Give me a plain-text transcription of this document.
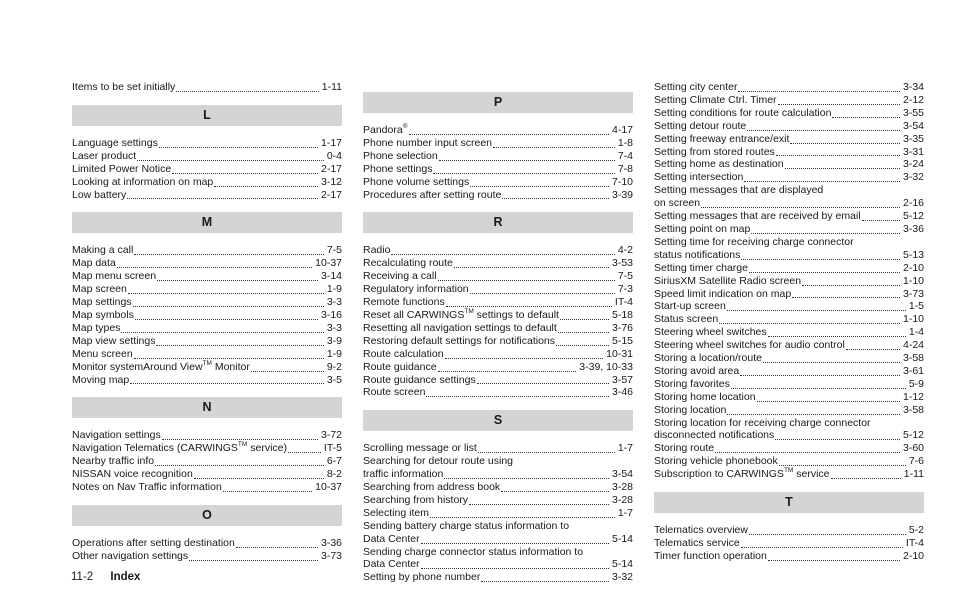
Items to be set initially	1-11
L
Language settings	1-17
Laser product	0-4
Limited Power Notice	2-17
Looking at information on map	3-12
Low battery	2-17
M
Making a call	7-5
Map data	10-37
Map menu screen	3-14
Map screen	1-9
Map settings	3-3
Map symbols	3-16
Map types	3-3
Map view settings	3-9
Menu screen	1-9
Monitor systemAround View™ Monitor	9-2
Moving map	3-5
N
Navigation settings	3-72
Navigation Telematics (CARWINGS™ service)	IT-5
Nearby traffic info	6-7
NISSAN voice recognition	8-2
Notes on Nav Traffic information	10-37
O
Operations after setting destination	3-36
Other navigation settings	3-73
P
Pandora®	4-17
Phone number input screen	1-8
Phone selection	7-4
Phone settings	7-8
Phone volume settings	7-10
Procedures after setting route	3-39
R
Radio	4-2
Recalculating route	3-53
Receiving a call	7-5
Regulatory information	7-3
Remote functions	IT-4
Reset all CARWINGS™ settings to default	5-18
Resetting all navigation settings to default	3-76
Restoring default settings for notifications	5-15
Route calculation	10-31
Route guidance	3-39, 10-33
Route guidance settings	3-57
Route screen	3-46
S
Scrolling message or list	1-7
Searching for detour route using
traffic information	3-54
Searching from address book	3-28
Searching from history	3-28
Selecting item	1-7
Sending battery charge status information to
Data Center	5-14
Sending charge connector status information to
Data Center	5-14
Setting by phone number	3-32
Setting city center	3-34
Setting Climate Ctrl. Timer	2-12
Setting conditions for route calculation	3-55
Setting detour route	3-54
Setting freeway entrance/exit	3-35
Setting from stored routes	3-31
Setting home as destination	3-24
Setting intersection	3-32
Setting messages that are displayed
on screen	2-16
Setting messages that are received by email	5-12
Setting point on map	3-36
Setting time for receiving charge connector
status notifications	5-13
Setting timer charge	2-10
SiriusXM Satellite Radio screen	1-10
Speed limit indication on map	3-73
Start-up screen	1-5
Status screen	1-10
Steering wheel switches	1-4
Steering wheel switches for audio control	4-24
Storing a location/route	3-58
Storing avoid area	3-61
Storing favorites	5-9
Storing home location	1-12
Storing location	3-58
Storing location for receiving charge connector
disconnected notifications	5-12
Storing route	3-60
Storing vehicle phonebook	7-6
Subscription to CARWINGS™ service	1-11
T
Telematics overview	5-2
Telematics service	IT-4
Timer function operation	2-10
11-2 Index
